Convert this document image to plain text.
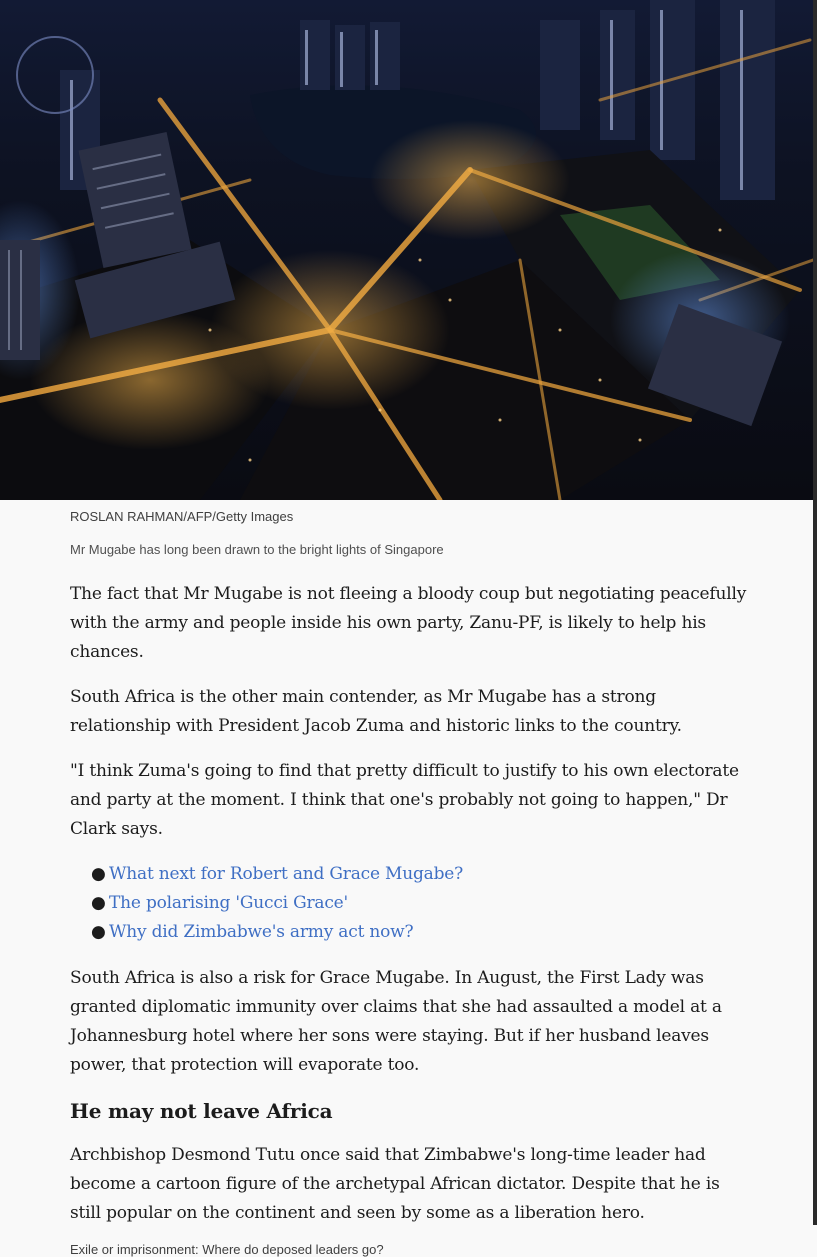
ROSLAN RAHMAN/AFP/Getty Images
Mr Mugabe has long been drawn to the bright lights of Singapore

The fact that Mr Mugabe is not fleeing a bloody coup but negotiating peacefully with the army and people inside his own party, Zanu-PF, is likely to help his chances.

South Africa is the other main contender, as Mr Mugabe has a strong relationship with President Jacob Zuma and historic links to the country.

"I think Zuma's going to find that pretty difficult to justify to his own electorate and party at the moment. I think that one's probably not going to happen," Dr Clark says.

● What next for Robert and Grace Mugabe?
● The polarising 'Gucci Grace'
● Why did Zimbabwe's army act now?

South Africa is also a risk for Grace Mugabe. In August, the First Lady was granted diplomatic immunity over claims that she had assaulted a model at a Johannesburg hotel where her sons were staying. But if her husband leaves power, that protection will evaporate too.

He may not leave Africa

Archbishop Desmond Tutu once said that Zimbabwe's long-time leader had become a cartoon figure of the archetypal African dictator. Despite that he is still popular on the continent and seen by some as a liberation hero.

Exile or imprisonment: Where do deposed leaders go?
